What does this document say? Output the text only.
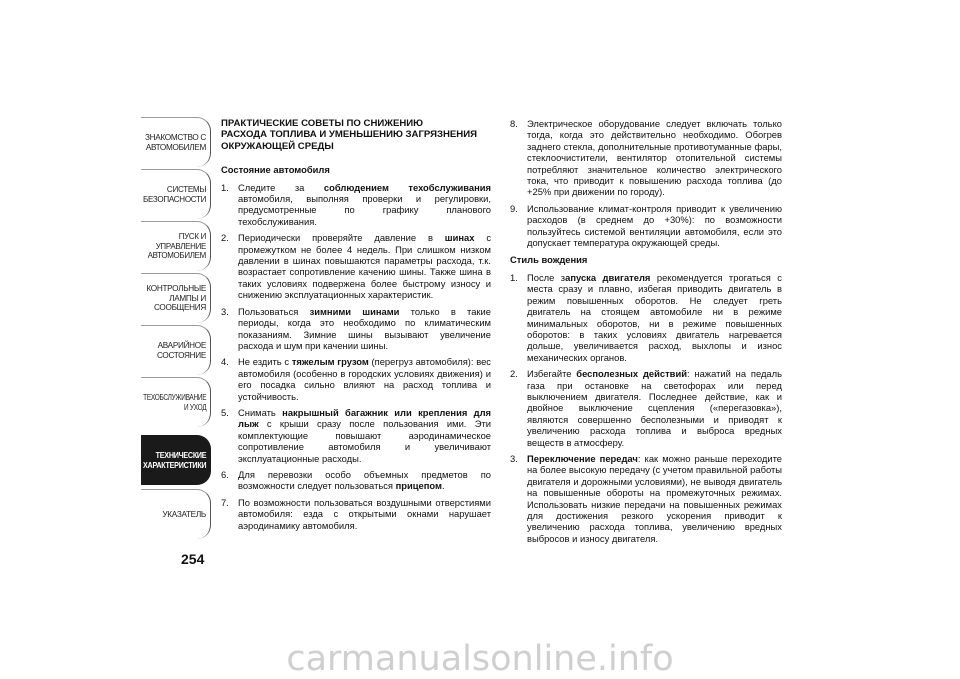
ЗНАКОМСТВО С
АВТОМОБИЛЕМ
СИСТЕМЫ
БЕЗОПАСНОСТИ
ПУСК И УПРАВЛЕНИЕ
АВТОМОБИЛЕМ
КОНТРОЛЬНЫЕ
ЛАМПЫ И
СООБЩЕНИЯ
АВАРИЙНОЕ
СОСТОЯНИЕ
ТЕХОБСЛУЖИВАНИЕ
И УХОД
ТЕХНИЧЕСКИЕ
ХАРАКТЕРИСТИКИ
УКАЗАТЕЛЬ
254
ПРАКТИЧЕСКИЕ СОВЕТЫ ПО СНИЖЕНИЮ
РАСХОДА ТОПЛИВА И УМЕНЬШЕНИЮ ЗАГРЯЗНЕНИЯ
ОКРУЖАЮЩЕЙ СРЕДЫ
Состояние автомобиля
1. Следите за соблюдением техобслуживания автомобиля, выполняя проверки и регулировки, предусмотренные по графику планового техобслуживания.
2. Периодически проверяйте давление в шинах с промежутком не более 4 недель. При слишком низком давлении в шинах повышаются параметры расхода, т.к. возрастает сопротивление качению шины. Также шина в таких условиях подвержена более быстрому износу и снижению эксплуатационных характеристик.
3. Пользоваться зимними шинами только в такие периоды, когда это необходимо по климатическим показаниям. Зимние шины вызывают увеличение расхода и шум при качении шины.
4. Не ездить с тяжелым грузом (перегруз автомобиля): вес автомобиля (особенно в городских условиях движения) и его посадка сильно влияют на расход топлива и устойчивость.
5. Снимать накрышный багажник или крепления для лыж с крыши сразу после пользования ими. Эти комплектующие повышают аэродинамическое сопротивление автомобиля и увеличивают эксплуатационные расходы.
6. Для перевозки особо объемных предметов по возможности следует пользоваться прицепом.
7. По возможности пользоваться воздушными отверстиями автомобиля: езда с открытыми окнами нарушает аэродинамику автомобиля.
8. Электрическое оборудование следует включать только тогда, когда это действительно необходимо. Обогрев заднего стекла, дополнительные противотуманные фары, стеклоочистители, вентилятор отопительной системы потребляют значительное количество электрического тока, что приводит к повышению расхода топлива (до +25% при движении по городу).
9. Использование климат-контроля приводит к увеличению расходов (в среднем до +30%): по возможности пользуйтесь системой вентиляции автомобиля, если это допускает температура окружающей среды.
Стиль вождения
1. После запуска двигателя рекомендуется трогаться с места сразу и плавно, избегая приводить двигатель в режим повышенных оборотов. Не следует греть двигатель на стоящем автомобиле ни в режиме минимальных оборотов, ни в режиме повышенных оборотов: в таких условиях двигатель нагревается дольше, увеличивается расход, выхлопы и износ механических органов.
2. Избегайте бесполезных действий: нажатий на педаль газа при остановке на светофорах или перед выключением двигателя. Последнее действие, как и двойное выключение сцепления («перегазовка»), являются совершенно бесполезными и приводят к увеличению расхода топлива и выброса вредных веществ в атмосферу.
3. Переключение передач: как можно раньше переходите на более высокую передачу (с учетом правильной работы двигателя и дорожными условиями), не выводя двигатель на повышенные обороты на промежуточных режимах. Использовать низкие передачи на повышенных режимах для достижения резкого ускорения приводит к увеличению расхода топлива, увеличению вредных выбросов и износу двигателя.
carmanualsonline.info
